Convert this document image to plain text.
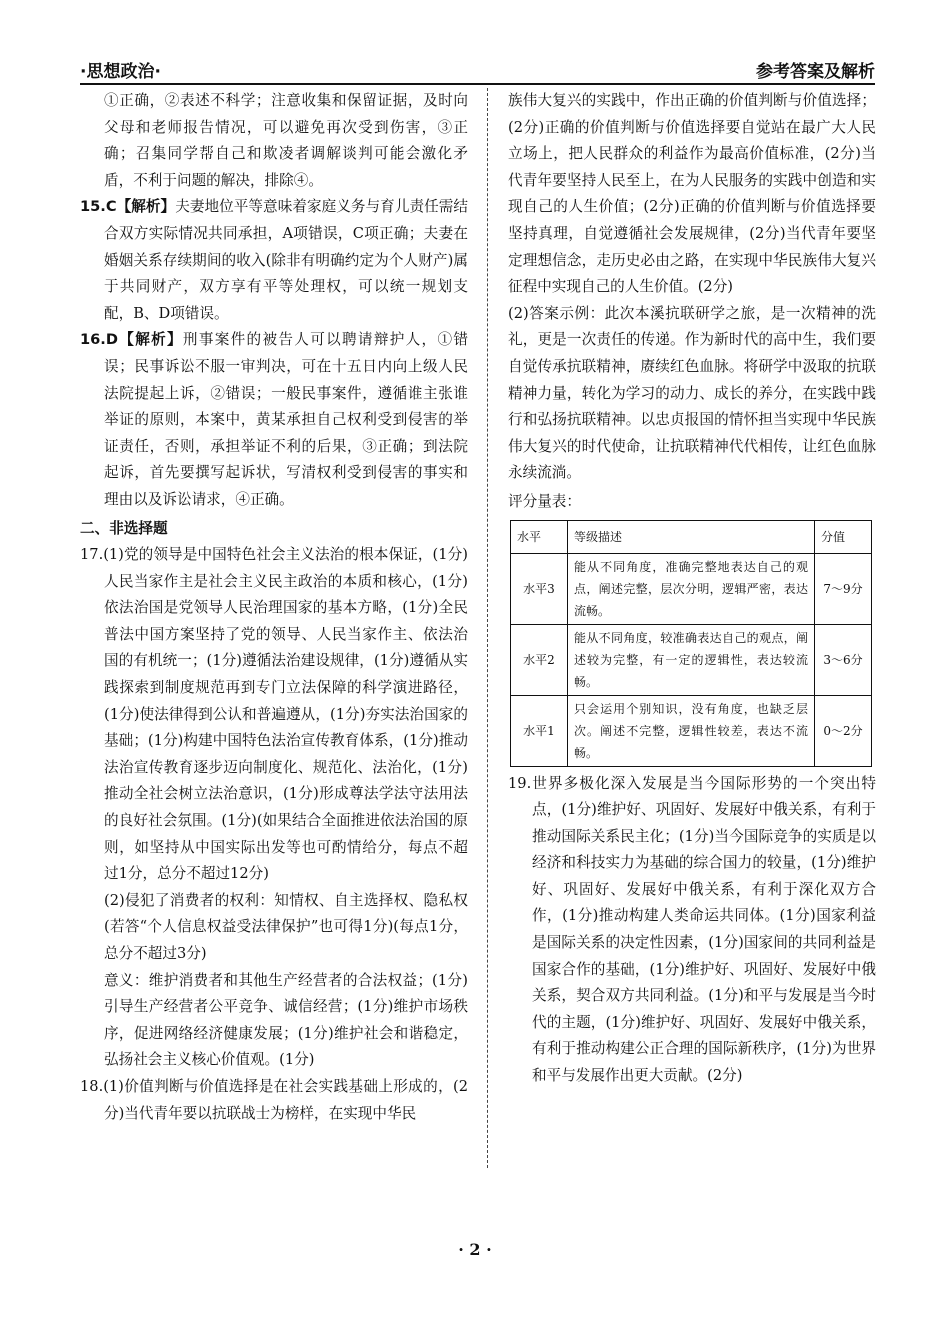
·思想政治·	参考答案及解析

①正确，②表述不科学；注意收集和保留证据，及时向父母和老师报告情况，可以避免再次受到伤害，③正确；召集同学帮自己和欺凌者调解谈判可能会激化矛盾，不利于问题的解决，排除④。

15.C【解析】夫妻地位平等意味着家庭义务与育儿责任需结合双方实际情况共同承担，A项错误，C项正确；夫妻在婚姻关系存续期间的收入(除非有明确约定为个人财产)属于共同财产，双方享有平等处理权，可以统一规划支配，B、D项错误。

16.D【解析】刑事案件的被告人可以聘请辩护人，①错误；民事诉讼不服一审判决，可在十五日内向上级人民法院提起上诉，②错误；一般民事案件，遵循谁主张谁举证的原则，本案中，黄某承担自己权利受到侵害的举证责任，否则，承担举证不利的后果，③正确；到法院起诉，首先要撰写起诉状，写清权利受到侵害的事实和理由以及诉讼请求，④正确。

二、非选择题

17.(1)党的领导是中国特色社会主义法治的根本保证，(1分)人民当家作主是社会主义民主政治的本质和核心，(1分)依法治国是党领导人民治理国家的基本方略，(1分)全民普法中国方案坚持了党的领导、人民当家作主、依法治国的有机统一；(1分)遵循法治建设规律，(1分)遵循从实践探索到制度规范再到专门立法保障的科学演进路径，(1分)使法律得到公认和普遍遵从，(1分)夯实法治国家的基础；(1分)构建中国特色法治宣传教育体系，(1分)推动法治宣传教育逐步迈向制度化、规范化、法治化，(1分)推动全社会树立法治意识，(1分)形成尊法学法守法用法的良好社会氛围。(1分)(如果结合全面推进依法治国的原则，如坚持从中国实际出发等也可酌情给分，每点不超过1分，总分不超过12分)

(2)侵犯了消费者的权利：知情权、自主选择权、隐私权(若答“个人信息权益受法律保护”也可得1分)(每点1分，总分不超过3分)

意义：维护消费者和其他生产经营者的合法权益；(1分)引导生产经营者公平竞争、诚信经营；(1分)维护市场秩序，促进网络经济健康发展；(1分)维护社会和谐稳定，弘扬社会主义核心价值观。(1分)

18.(1)价值判断与价值选择是在社会实践基础上形成的，(2分)当代青年要以抗联战士为榜样，在实现中华民

族伟大复兴的实践中，作出正确的价值判断与价值选择；(2分)正确的价值判断与价值选择要自觉站在最广大人民立场上，把人民群众的利益作为最高价值标准，(2分)当代青年要坚持人民至上，在为人民服务的实践中创造和实现自己的人生价值；(2分)正确的价值判断与价值选择要坚持真理，自觉遵循社会发展规律，(2分)当代青年要坚定理想信念，走历史必由之路，在实现中华民族伟大复兴征程中实现自己的人生价值。(2分)

(2)答案示例：此次本溪抗联研学之旅，是一次精神的洗礼，更是一次责任的传递。作为新时代的高中生，我们要自觉传承抗联精神，赓续红色血脉。将研学中汲取的抗联精神力量，转化为学习的动力、成长的养分，在实践中践行和弘扬抗联精神。以忠贞报国的情怀担当实现中华民族伟大复兴的时代使命，让抗联精神代代相传，让红色血脉永续流淌。

评分量表：

水平	等级描述	分值
水平3	能从不同角度，准确完整地表达自己的观点，阐述完整，层次分明，逻辑严密，表达流畅。	7～9分
水平2	能从不同角度，较准确表达自己的观点，阐述较为完整，有一定的逻辑性，表达较流畅。	3～6分
水平1	只会运用个别知识，没有角度，也缺乏层次。阐述不完整，逻辑性较差，表达不流畅。	0～2分

19.世界多极化深入发展是当今国际形势的一个突出特点，(1分)维护好、巩固好、发展好中俄关系，有利于推动国际关系民主化；(1分)当今国际竞争的实质是以经济和科技实力为基础的综合国力的较量，(1分)维护好、巩固好、发展好中俄关系，有利于深化双方合作，(1分)推动构建人类命运共同体。(1分)国家利益是国际关系的决定性因素，(1分)国家间的共同利益是国家合作的基础，(1分)维护好、巩固好、发展好中俄关系，契合双方共同利益。(1分)和平与发展是当今时代的主题，(1分)维护好、巩固好、发展好中俄关系，有利于推动构建公正合理的国际新秩序，(1分)为世界和平与发展作出更大贡献。(2分)

· 2 ·
